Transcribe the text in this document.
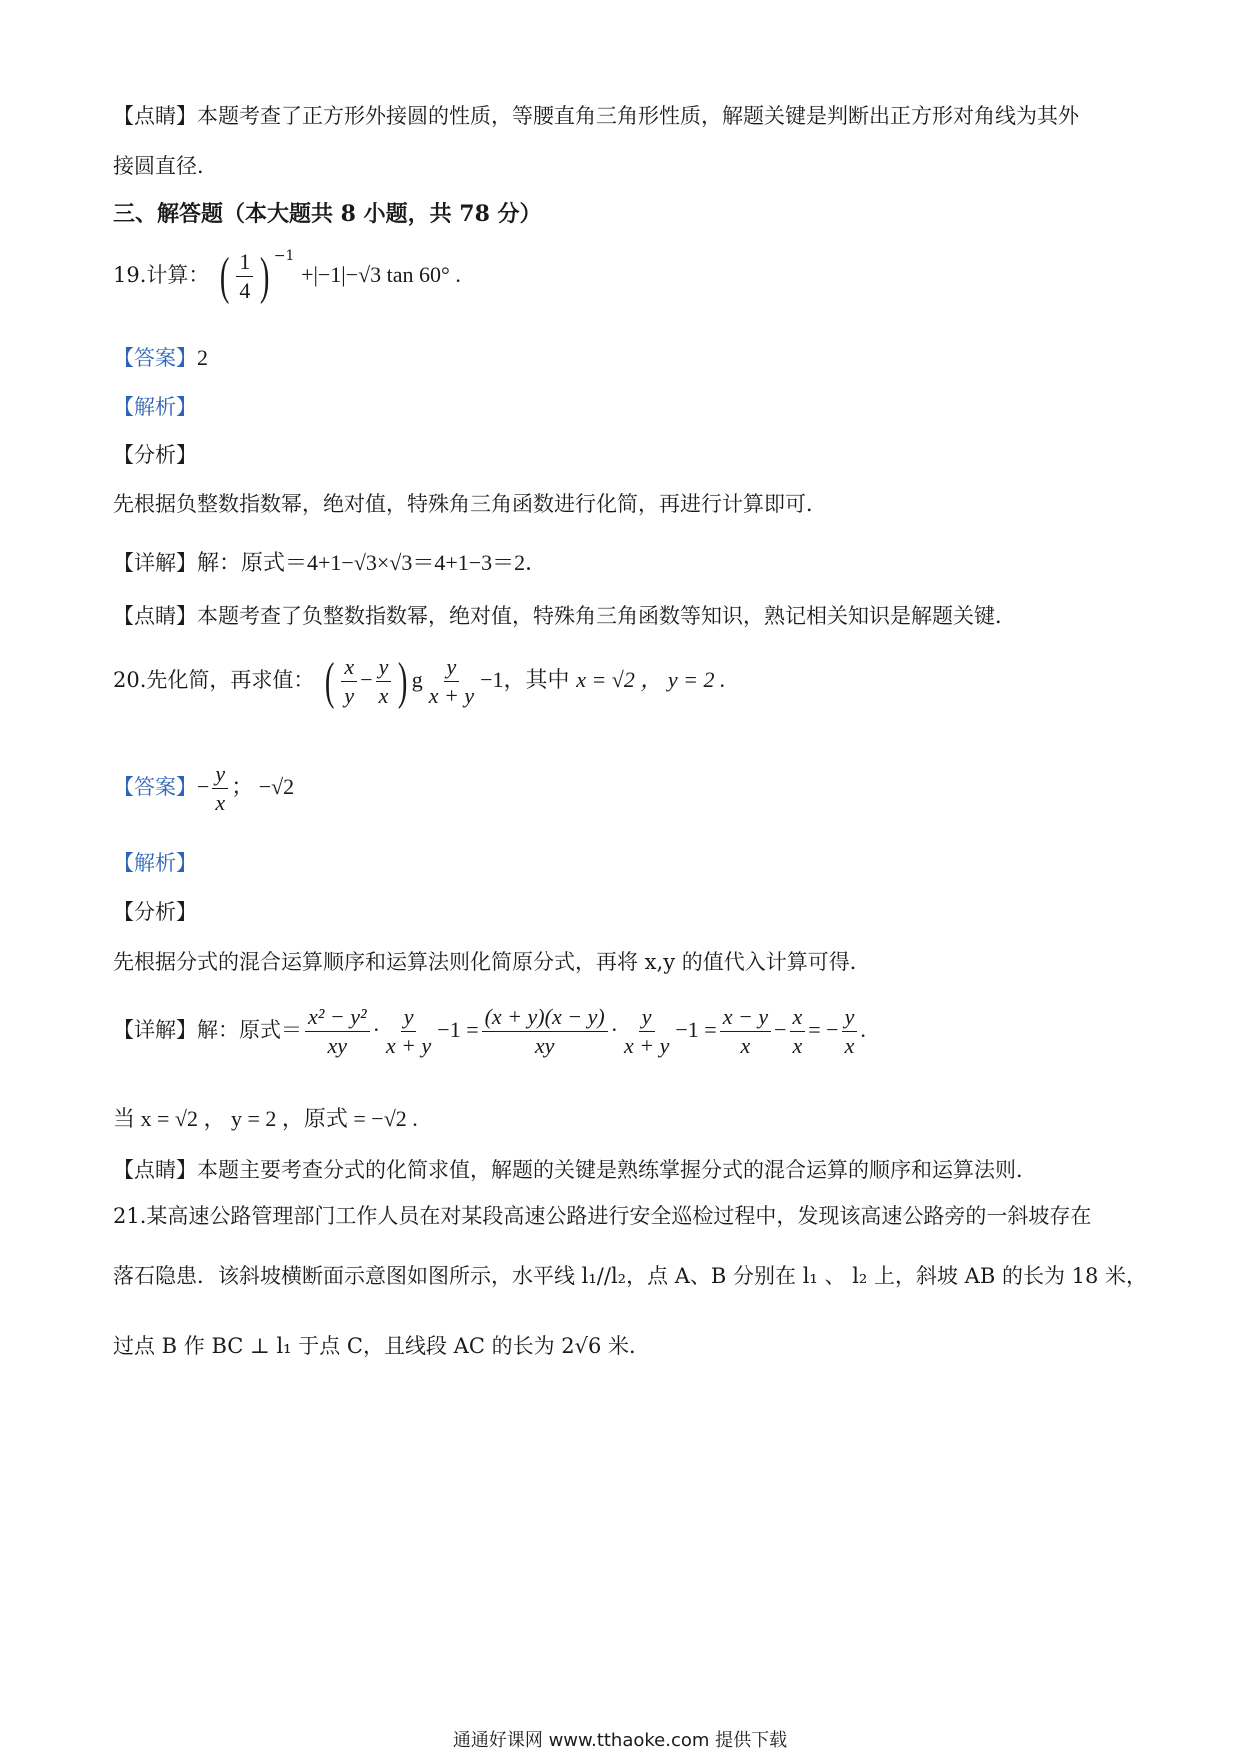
【点睛】本题考查了正方形外接圆的性质，等腰直角三角形性质，解题关键是判断出正方形对角线为其外
接圆直径．
三、解答题（本大题共 8 小题，共 78 分）
19.计算： ( $\frac{1}{4}$ ) $^{-1}$ +|−1|−√3 tan 60° .
【答案】2
【解析】
【分析】
先根据负整数指数幂，绝对值，特殊角三角函数进行化简，再进行计算即可．
【详解】解：原式＝4+1−√3×√3＝4+1−3＝2．
【点睛】本题考查了负整数指数幂，绝对值，特殊角三角函数等知识，熟记相关知识是解题关键．
20.先化简，再求值： ( $\frac{x}{y} - \frac{y}{x}$ ) g $\frac{y}{x + y} -1$，其中 x = √2 ， y = 2 .
【答案】− $\frac{y}{x}$ ； −√2
【解析】
【分析】
先根据分式的混合运算顺序和运算法则化简原分式，再将 x,y 的值代入计算可得．
【详解】解：原式＝ $\frac{\text{x² − y²}}{xy} \cdot \frac{y}{x + y} -1 = \frac{(x + y)(x - y)}{xy} \cdot \frac{y}{x + y} -1 = \frac{x - y}{x} - \frac{x}{x}$ = − $\frac{y}{x}$ .
当 x = √2 ， y = 2 ，原式 = −√2 .
【点睛】本题主要考查分式的化简求值，解题的关键是熟练掌握分式的混合运算的顺序和运算法则．
21.某高速公路管理部门工作人员在对某段高速公路进行安全巡检过程中，发现该高速公路旁的一斜坡存在
落石隐患．该斜坡横断面示意图如图所示，水平线 l₁//l₂，点 A、B 分别在 l₁ 、 l₂ 上，斜坡 AB 的长为 18 米，
过点 B 作 BC ⊥ l₁ 于点 C，且线段 AC 的长为 2√6 米．
通通好课网 www.tthaoke.com 提供下载
